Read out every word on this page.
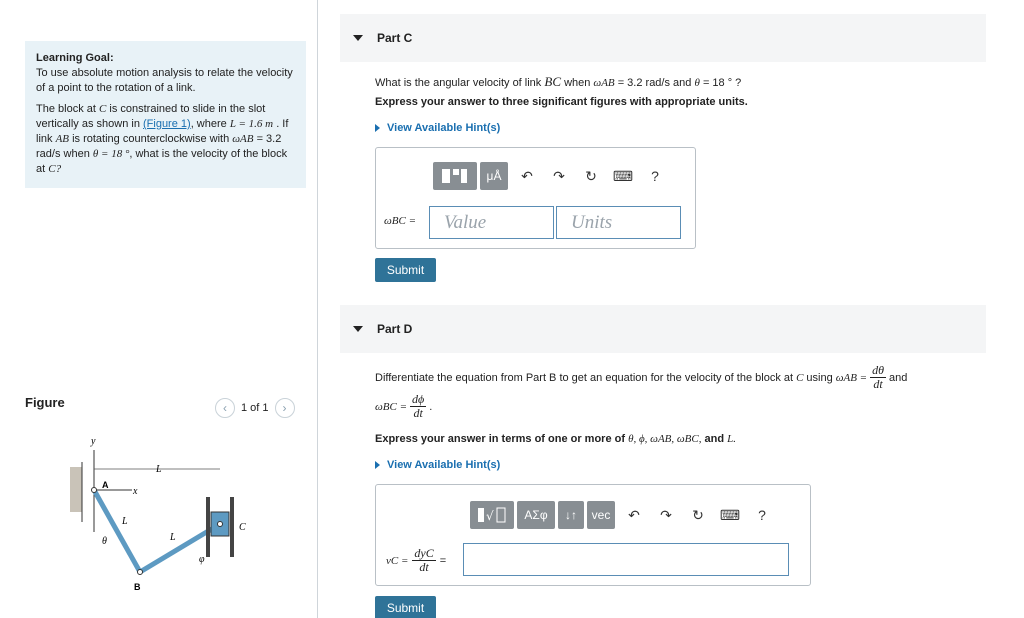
Learning Goal:

To use absolute motion analysis to relate the velocity of a point to the rotation of a link.

The block at C is constrained to slide in the slot vertically as shown in (Figure 1), where L = 1.6 m . If link AB is rotating counterclockwise with ωAB = 3.2 rad/s when θ = 18 °, what is the velocity of the block at C?

Figure	‹	1 of 1	›
y
x
A
L
C
L
L
θ
φ
B
Part C
What is the angular velocity of link BC when ωAB = 3.2 rad/s and θ = 18 ° ?
Express your answer to three significant figures with appropriate units.
View Available Hint(s)
μÅ	↶	↷	↻	⌨	?
ωBC =	Value	Units
Submit
Part D
Differentiate the equation from Part B to get an equation for the velocity of the block at C using $\omega AB = \frac{d\theta}{dt}$ and
$\omega BC = \frac{d\phi}{dt}$ .
Express your answer in terms of one or more of θ, ϕ, ωAB, ωBC, and L.
View Available Hint(s)
√	ΑΣφ	↓↑	vec	↶	↷	↻	⌨	?
vC = $\frac{\text{dyC}}{dt}$ =
Submit
